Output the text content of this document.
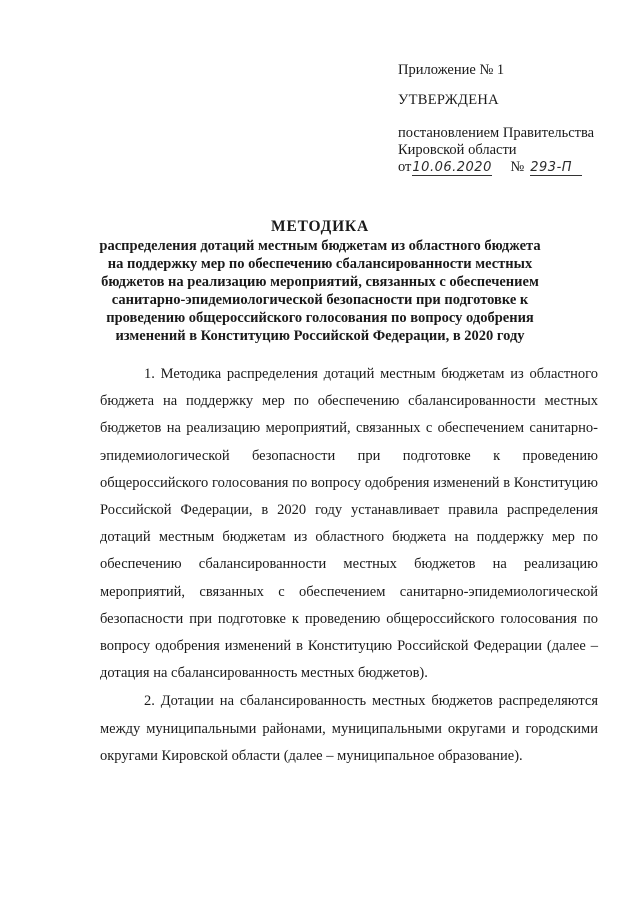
Приложение № 1
УТВЕРЖДЕНА
постановлением Правительства
Кировской области
от 10.06.2020 № 293-П
МЕТОДИКА
распределения дотаций местным бюджетам из областного бюджета
на поддержку мер по обеспечению сбалансированности местных
бюджетов на реализацию мероприятий, связанных с обеспечением
санитарно-эпидемиологической безопасности при подготовке к
проведению общероссийского голосования по вопросу одобрения
изменений в Конституцию Российской Федерации, в 2020 году

1. Методика распределения дотаций местным бюджетам из областного бюджета на поддержку мер по обеспечению сбалансированности местных бюджетов на реализацию мероприятий, связанных с обеспечением санитарно-эпидемиологической безопасности при подготовке к проведению общероссийского голосования по вопросу одобрения изменений в Конституцию Российской Федерации, в 2020 году устанавливает правила распределения дотаций местным бюджетам из областного бюджета на поддержку мер по обеспечению сбалансированности местных бюджетов на реализацию мероприятий, связанных с обеспечением санитарно-эпидемиологической безопасности при подготовке к проведению общероссийского голосования по вопросу одобрения изменений в Конституцию Российской Федерации (далее – дотация на сбалансированность местных бюджетов).

2. Дотации на сбалансированность местных бюджетов распределяются между муниципальными районами, муниципальными округами и городскими округами Кировской области (далее – муниципальное образование).
